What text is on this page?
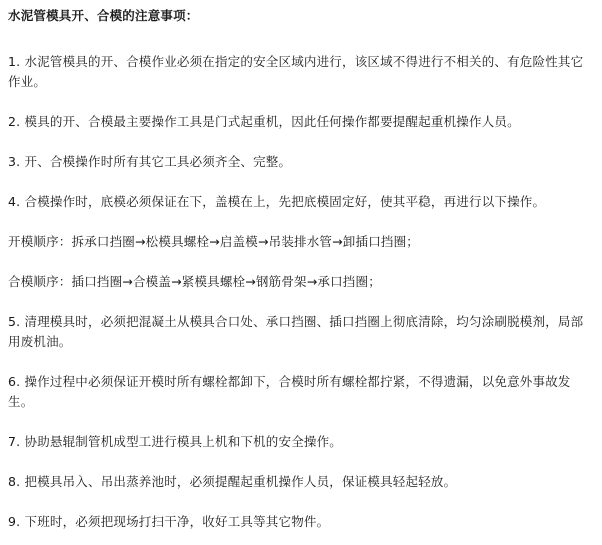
水泥管模具开、合模的注意事项：
1. 水泥管模具的开、合模作业必须在指定的安全区域内进行，该区域不得进行不相关的、有危险性其它作业。
2. 模具的开、合模最主要操作工具是门式起重机，因此任何操作都要提醒起重机操作人员。
3. 开、合模操作时所有其它工具必须齐全、完整。
4. 合模操作时，底模必须保证在下，盖模在上，先把底模固定好，使其平稳，再进行以下操作。
开模顺序：拆承口挡圈→松模具螺栓→启盖模→吊装排水管→卸插口挡圈；
合模顺序：插口挡圈→合模盖→紧模具螺栓→钢筋骨架→承口挡圈；
5. 清理模具时，必须把混凝土从模具合口处、承口挡圈、插口挡圈上彻底清除，均匀涂刷脱模剂，局部用废机油。
6. 操作过程中必须保证开模时所有螺栓都卸下，合模时所有螺栓都拧紧，不得遗漏，以免意外事故发生。
7. 协助悬辊制管机成型工进行模具上机和下机的安全操作。
8. 把模具吊入、吊出蒸养池时，必须提醒起重机操作人员，保证模具轻起轻放。
9. 下班时，必须把现场打扫干净，收好工具等其它物件。
